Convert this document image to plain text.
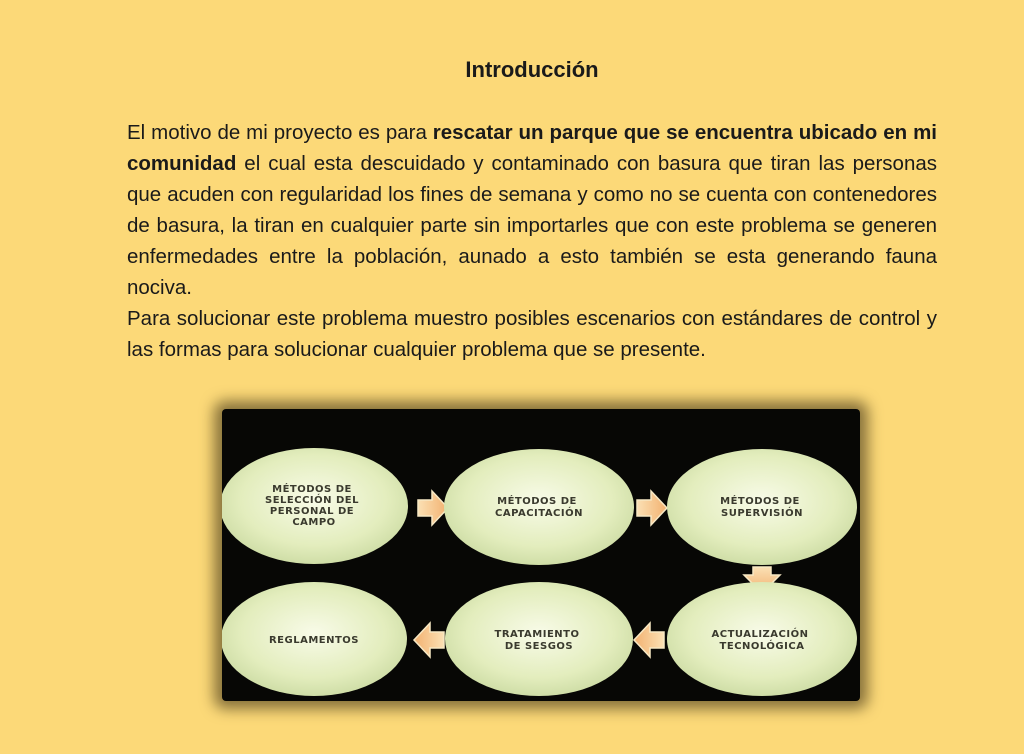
Introducción

El motivo de mi proyecto es para rescatar un parque que se encuentra ubicado en mi comunidad el cual esta descuidado y contaminado con basura que tiran las personas que acuden con regularidad los fines de semana y como no se cuenta con contenedores de basura, la tiran en cualquier parte sin importarles que con este problema se generen enfermedades entre la población, aunado a esto también se esta generando fauna nociva.

Para solucionar este problema muestro posibles escenarios con estándares de control y las formas para solucionar cualquier problema que se presente.

MÉTODOS DE SELECCIÓN DEL PERSONAL DE CAMPO
MÉTODOS DE CAPACITACIÓN
MÉTODOS DE SUPERVISIÓN
REGLAMENTOS
TRATAMIENTO DE SESGOS
ACTUALIZACIÓN TECNOLÓGICA
